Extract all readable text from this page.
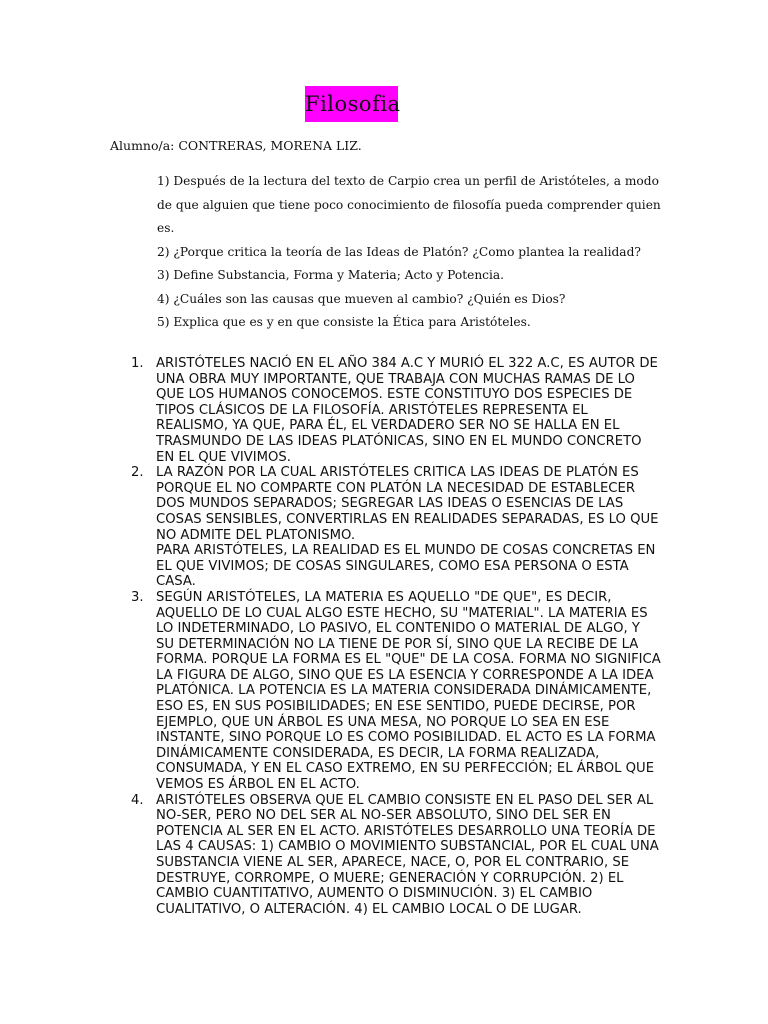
Filosofia
Alumno/a: CONTRERAS, MORENA LIZ.
1) Después de la lectura del texto de Carpio crea un perfil de Aristóteles, a modo de que alguien que tiene poco conocimiento de filosofía pueda comprender quien es.
2) ¿Porque critica la teoría de las Ideas de Platón? ¿Como plantea la realidad?
3) Define Substancia, Forma y Materia; Acto y Potencia.
4) ¿Cuáles son las causas que mueven al cambio? ¿Quién es Dios?
5) Explica que es y en que consiste la Ética para Aristóteles.
1. ARISTÓTELES NACIÓ EN EL AÑO 384 A.C Y MURIÓ EL 322 A.C, ES AUTOR DE UNA OBRA MUY IMPORTANTE, QUE TRABAJA CON MUCHAS RAMAS DE LO QUE LOS HUMANOS CONOCEMOS. ESTE CONSTITUYO DOS ESPECIES DE TIPOS CLÁSICOS DE LA FILOSOFÍA. ARISTÓTELES REPRESENTA EL REALISMO, YA QUE, PARA ÉL, EL VERDADERO SER NO SE HALLA EN EL TRASMUNDO DE LAS IDEAS PLATÓNICAS, SINO EN EL MUNDO CONCRETO EN EL QUE VIVIMOS.
2. LA RAZÓN POR LA CUAL ARISTÓTELES CRITICA LAS IDEAS DE PLATÓN ES PORQUE EL NO COMPARTE CON PLATÓN LA NECESIDAD DE ESTABLECER DOS MUNDOS SEPARADOS; SEGREGAR LAS IDEAS O ESENCIAS DE LAS COSAS SENSIBLES, CONVERTIRLAS EN REALIDADES SEPARADAS, ES LO QUE NO ADMITE DEL PLATONISMO.
PARA ARISTÓTELES, LA REALIDAD ES EL MUNDO DE COSAS CONCRETAS EN EL QUE VIVIMOS; DE COSAS SINGULARES, COMO ESA PERSONA O ESTA CASA.
3. SEGÚN ARISTÓTELES, LA MATERIA ES AQUELLO "DE QUE", ES DECIR, AQUELLO DE LO CUAL ALGO ESTE HECHO, SU "MATERIAL". LA MATERIA ES LO INDETERMINADO, LO PASIVO, EL CONTENIDO O MATERIAL DE ALGO, Y SU DETERMINACIÓN NO LA TIENE DE POR SÍ, SINO QUE LA RECIBE DE LA FORMA. PORQUE LA FORMA ES EL "QUE" DE LA COSA. FORMA NO SIGNIFICA LA FIGURA DE ALGO, SINO QUE ES LA ESENCIA Y CORRESPONDE A LA IDEA PLATÓNICA. LA POTENCIA ES LA MATERIA CONSIDERADA DINÁMICAMENTE, ESO ES, EN SUS POSIBILIDADES; EN ESE SENTIDO, PUEDE DECIRSE, POR EJEMPLO, QUE UN ÁRBOL ES UNA MESA, NO PORQUE LO SEA EN ESE INSTANTE, SINO PORQUE LO ES COMO POSIBILIDAD. EL ACTO ES LA FORMA DINÁMICAMENTE CONSIDERADA, ES DECIR, LA FORMA REALIZADA, CONSUMADA, Y EN EL CASO EXTREMO, EN SU PERFECCIÓN; EL ÁRBOL QUE VEMOS ES ÁRBOL EN EL ACTO.
4. ARISTÓTELES OBSERVA QUE EL CAMBIO CONSISTE EN EL PASO DEL SER AL NO-SER, PERO NO DEL SER AL NO-SER ABSOLUTO, SINO DEL SER EN POTENCIA AL SER EN EL ACTO. ARISTÓTELES DESARROLLO UNA TEORÍA DE LAS 4 CAUSAS: 1) CAMBIO O MOVIMIENTO SUBSTANCIAL, POR EL CUAL UNA SUBSTANCIA VIENE AL SER, APARECE, NACE, O, POR EL CONTRARIO, SE DESTRUYE, CORROMPE, O MUERE; GENERACIÓN Y CORRUPCIÓN. 2) EL CAMBIO CUANTITATIVO, AUMENTO O DISMINUCIÓN. 3) EL CAMBIO CUALITATIVO, O ALTERACIÓN. 4) EL CAMBIO LOCAL O DE LUGAR.
